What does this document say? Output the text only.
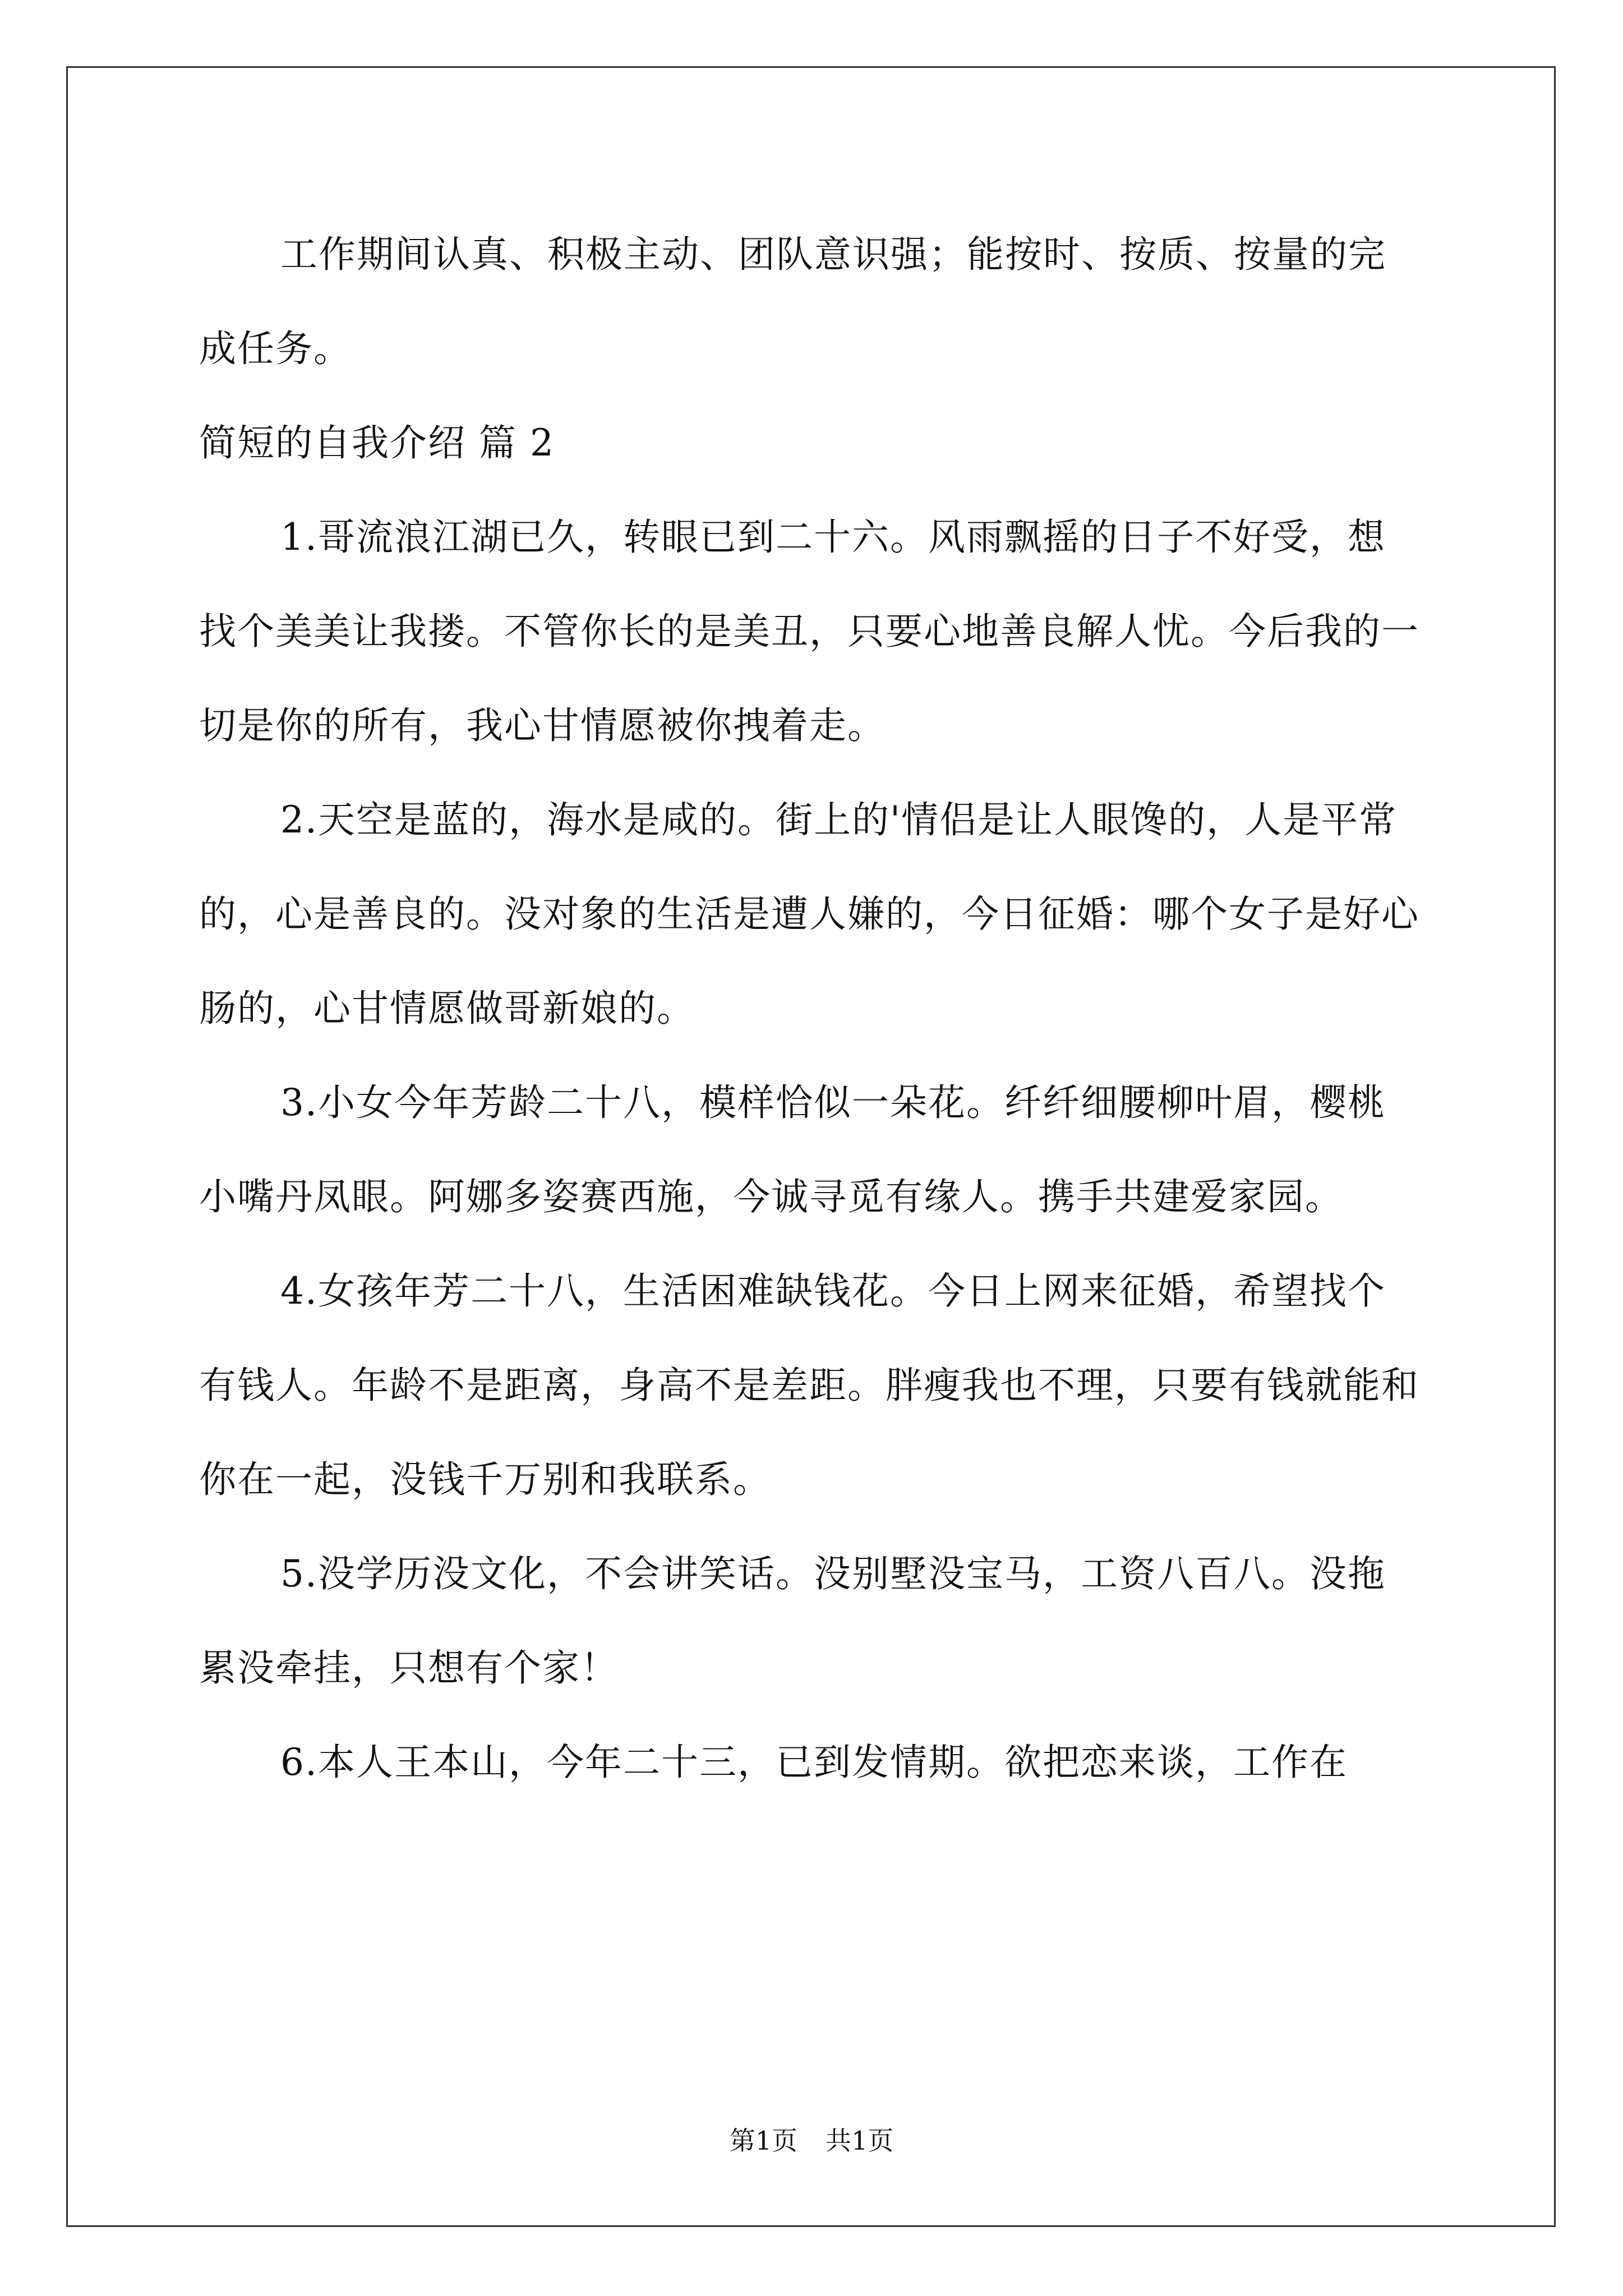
工作期间认真、积极主动、团队意识强；能按时、按质、按量的完成任务。

简短的自我介绍 篇 2

1.哥流浪江湖已久，转眼已到二十六。风雨飘摇的日子不好受，想找个美美让我搂。不管你长的是美丑，只要心地善良解人忧。今后我的一切是你的所有，我心甘情愿被你拽着走。

2.天空是蓝的，海水是咸的。街上的'情侣是让人眼馋的，人是平常的，心是善良的。没对象的生活是遭人嫌的，今日征婚：哪个女子是好心肠的，心甘情愿做哥新娘的。

3.小女今年芳龄二十八，模样恰似一朵花。纤纤细腰柳叶眉，樱桃小嘴丹凤眼。阿娜多姿赛西施，今诚寻觅有缘人。携手共建爱家园。

4.女孩年芳二十八，生活困难缺钱花。今日上网来征婚，希望找个有钱人。年龄不是距离，身高不是差距。胖瘦我也不理，只要有钱就能和你在一起，没钱千万别和我联系。

5.没学历没文化，不会讲笑话。没别墅没宝马，工资八百八。没拖累没牵挂，只想有个家！

6.本人王本山，今年二十三，已到发情期。欲把恋来谈，工作在

第1页 共1页
